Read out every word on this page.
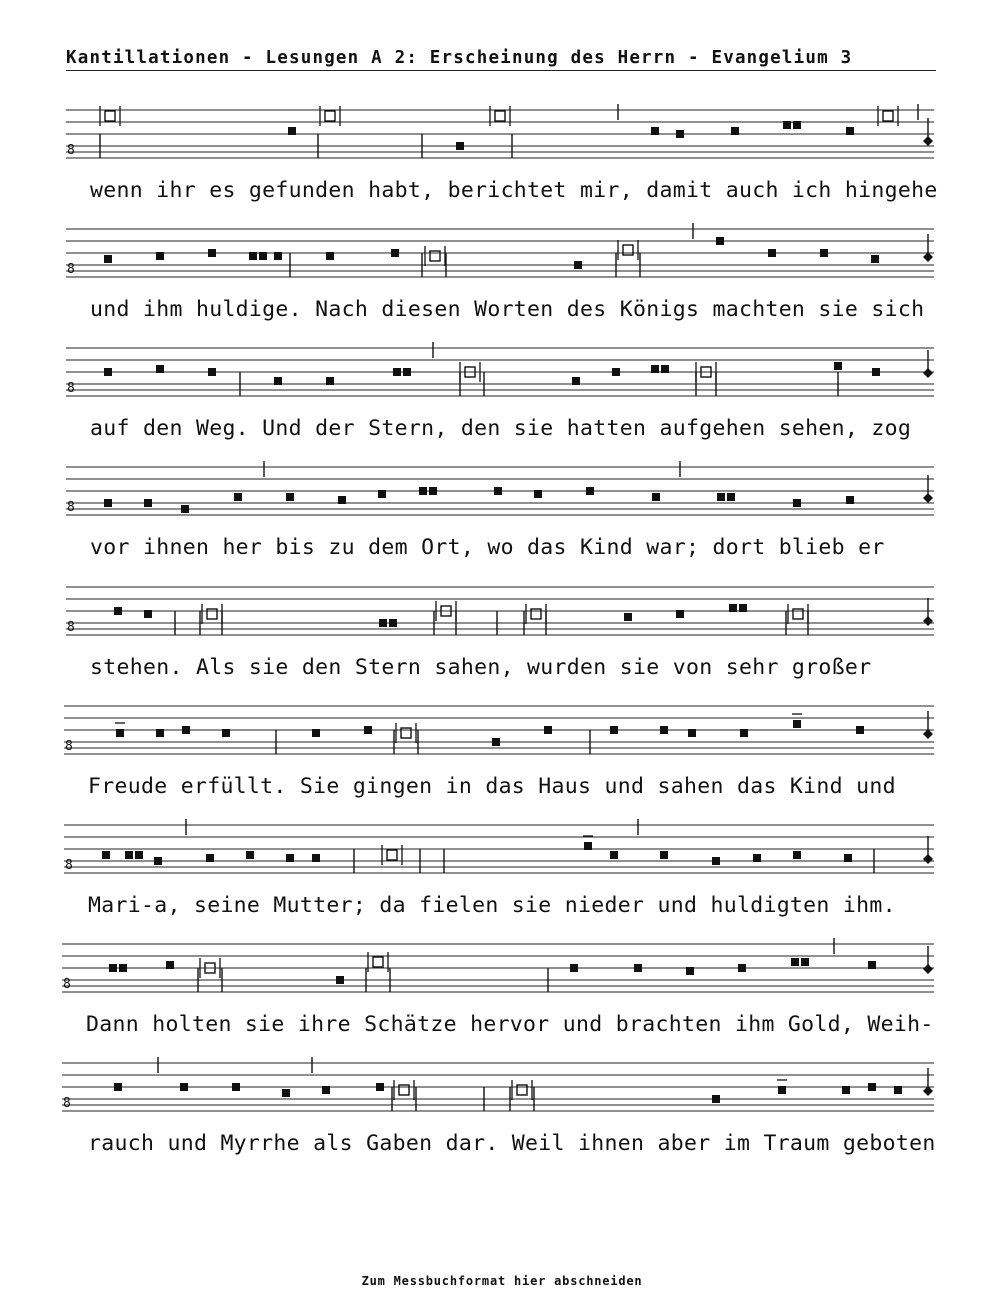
Kantillationen - Lesungen A 2: Erscheinung des Herrn - Evangelium 3
8
wenn ihr es gefunden habt, berichtet mir, damit auch ich hingehe
8
und ihm huldige. Nach diesen Worten des Königs machten sie sich
8
auf den Weg. Und der Stern, den sie hatten aufgehen sehen, zog
8
vor ihnen her bis zu dem Ort, wo das Kind war; dort blieb er
8
stehen. Als sie den Stern sahen, wurden sie von sehr großer
8
Freude erfüllt. Sie gingen in das Haus und sahen das Kind und
8
Mari-a, seine Mutter; da fielen sie nieder und huldigten ihm.
8
Dann holten sie ihre Schätze hervor und brachten ihm Gold, Weih-
8
rauch und Myrrhe als Gaben dar. Weil ihnen aber im Traum geboten
Zum Messbuchformat hier abschneiden
